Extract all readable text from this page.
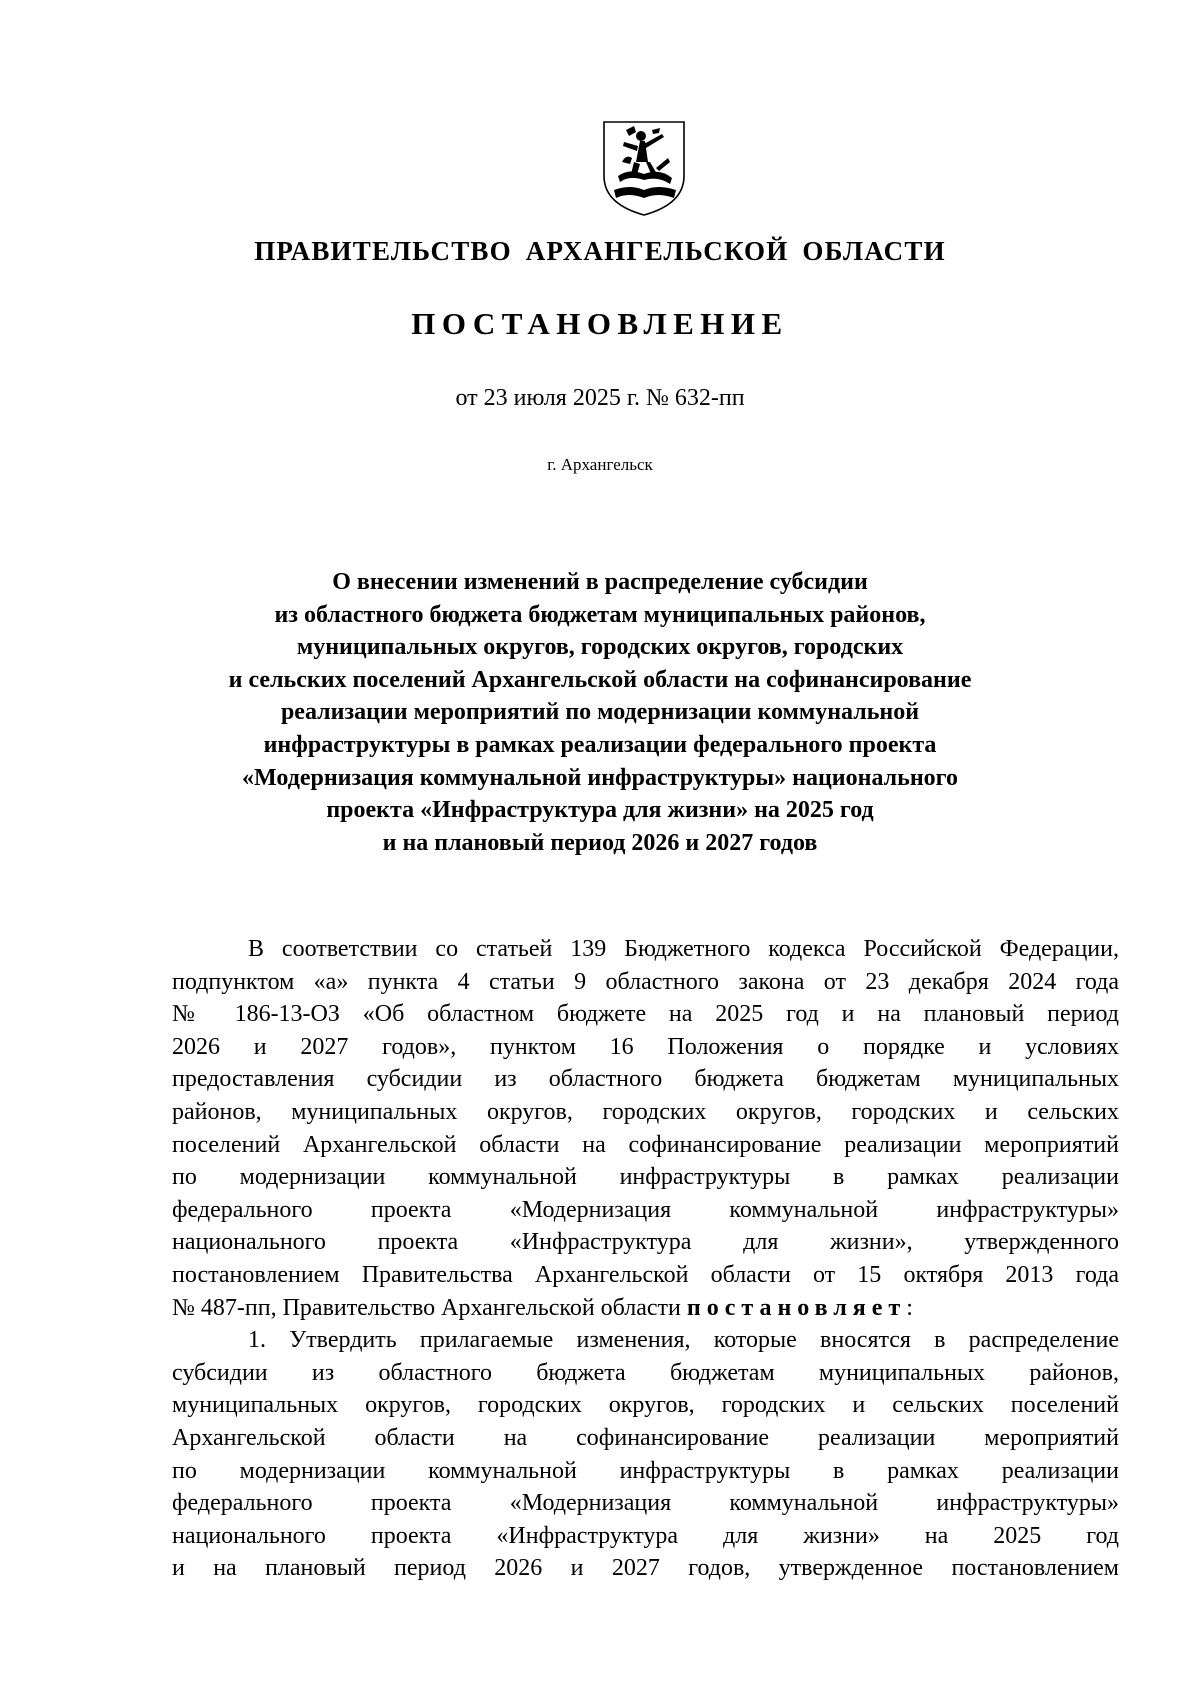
ПРАВИТЕЛЬСТВО АРХАНГЕЛЬСКОЙ ОБЛАСТИ
ПОСТАНОВЛЕНИЕ
от 23 июля 2025 г. № 632-пп
г. Архангельск
О внесении изменений в распределение субсидии
из областного бюджета бюджетам муниципальных районов,
муниципальных округов, городских округов, городских
и сельских поселений Архангельской области на софинансирование
реализации мероприятий по модернизации коммунальной
инфраструктуры в рамках реализации федерального проекта
«Модернизация коммунальной инфраструктуры» национального
проекта «Инфраструктура для жизни» на 2025 год
и на плановый период 2026 и 2027 годов
В соответствии со статьей 139 Бюджетного кодекса Российской Федерации,
подпунктом «а» пункта 4 статьи 9 областного закона от 23 декабря 2024 года
№ 186-13-ОЗ «Об областном бюджете на 2025 год и на плановый период
2026 и 2027 годов», пунктом 16 Положения о порядке и условиях
предоставления субсидии из областного бюджета бюджетам муниципальных
районов, муниципальных округов, городских округов, городских и сельских
поселений Архангельской области на софинансирование реализации мероприятий
по модернизации коммунальной инфраструктуры в рамках реализации
федерального проекта «Модернизация коммунальной инфраструктуры»
национального проекта «Инфраструктура для жизни», утвержденного
постановлением Правительства Архангельской области от 15 октября 2013 года
№ 487-пп, Правительство Архангельской области постановляет:
1. Утвердить прилагаемые изменения, которые вносятся в распределение
субсидии из областного бюджета бюджетам муниципальных районов,
муниципальных округов, городских округов, городских и сельских поселений
Архангельской области на софинансирование реализации мероприятий
по модернизации коммунальной инфраструктуры в рамках реализации
федерального проекта «Модернизация коммунальной инфраструктуры»
национального проекта «Инфраструктура для жизни» на 2025 год
и на плановый период 2026 и 2027 годов, утвержденное постановлением
